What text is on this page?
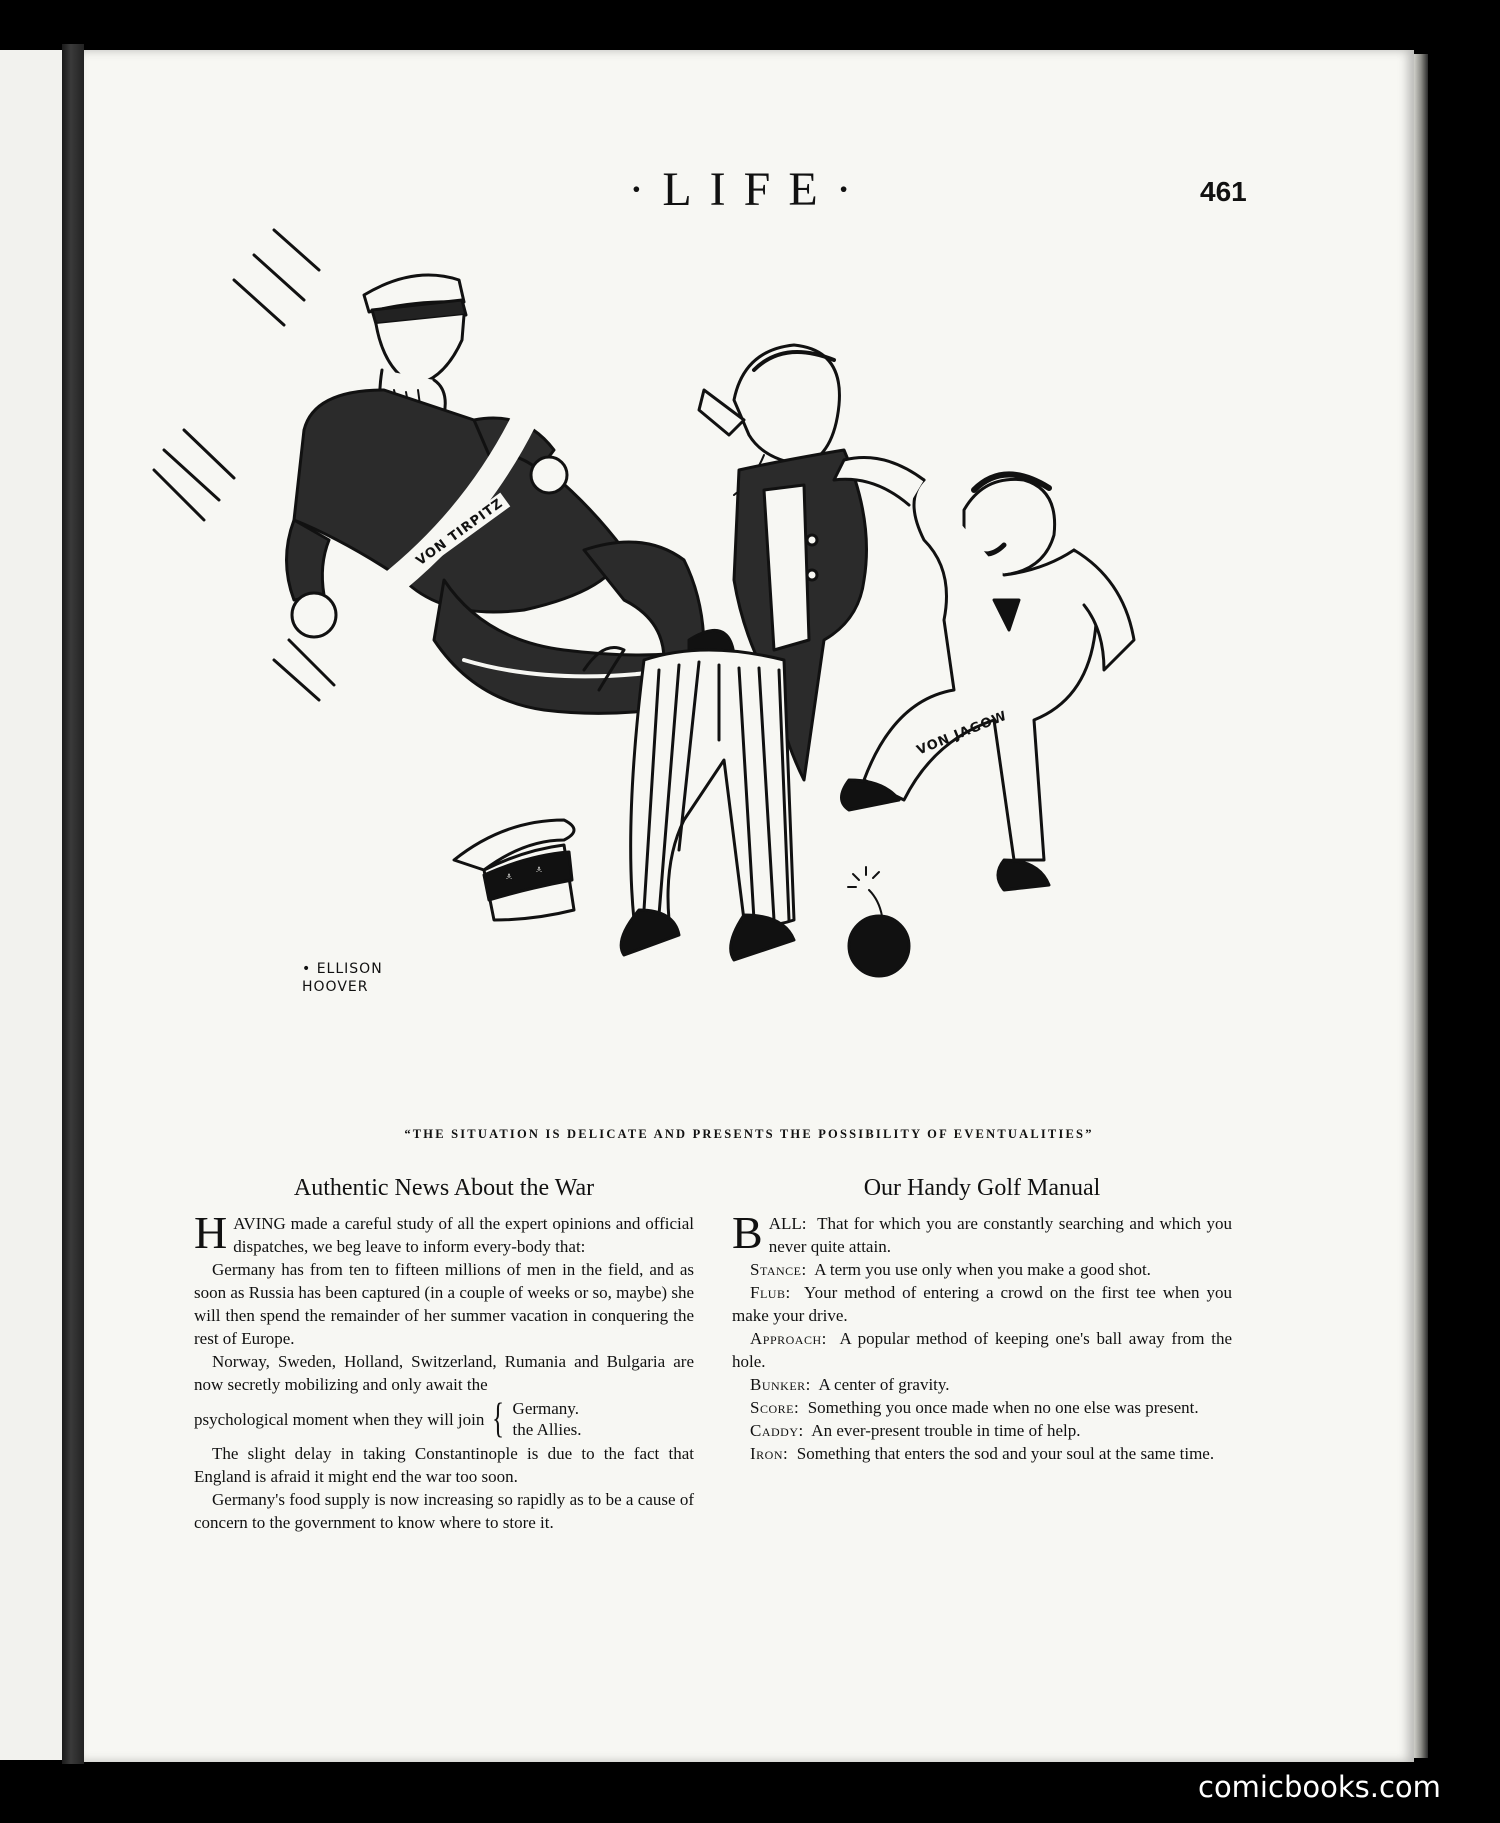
·LIFE·	461
• ELLISON
HOOVER
VON TIRPITZ
VON JAGOW
“THE SITUATION IS DELICATE AND PRESENTS THE POSSIBILITY OF EVENTUALITIES”
Authentic News About the War

HAVING made a careful study of all the expert opinions and official dispatches, we beg leave to inform every-body that:

Germany has from ten to fifteen millions of men in the field, and as soon as Russia has been captured (in a couple of weeks or so, maybe) she will then spend the remainder of her summer vacation in conquering the rest of Europe.

Norway, Sweden, Holland, Switzerland, Rumania and Bulgaria are now secretly mobilizing and only await the

psychological moment when they will join { Germany.
the Allies.

The slight delay in taking Constantinople is due to the fact that England is afraid it might end the war too soon.

Germany's food supply is now increasing so rapidly as to be a cause of concern to the government to know where to store it.

Our Handy Golf Manual

BALL: That for which you are constantly searching and which you never quite attain.

Stance: A term you use only when you make a good shot.

Flub: Your method of entering a crowd on the first tee when you make your drive.

Approach: A popular method of keeping one's ball away from the hole.

Bunker: A center of gravity.

Score: Something you once made when no one else was present.

Caddy: An ever-present trouble in time of help.

Iron: Something that enters the sod and your soul at the same time.

comicbooks.com
